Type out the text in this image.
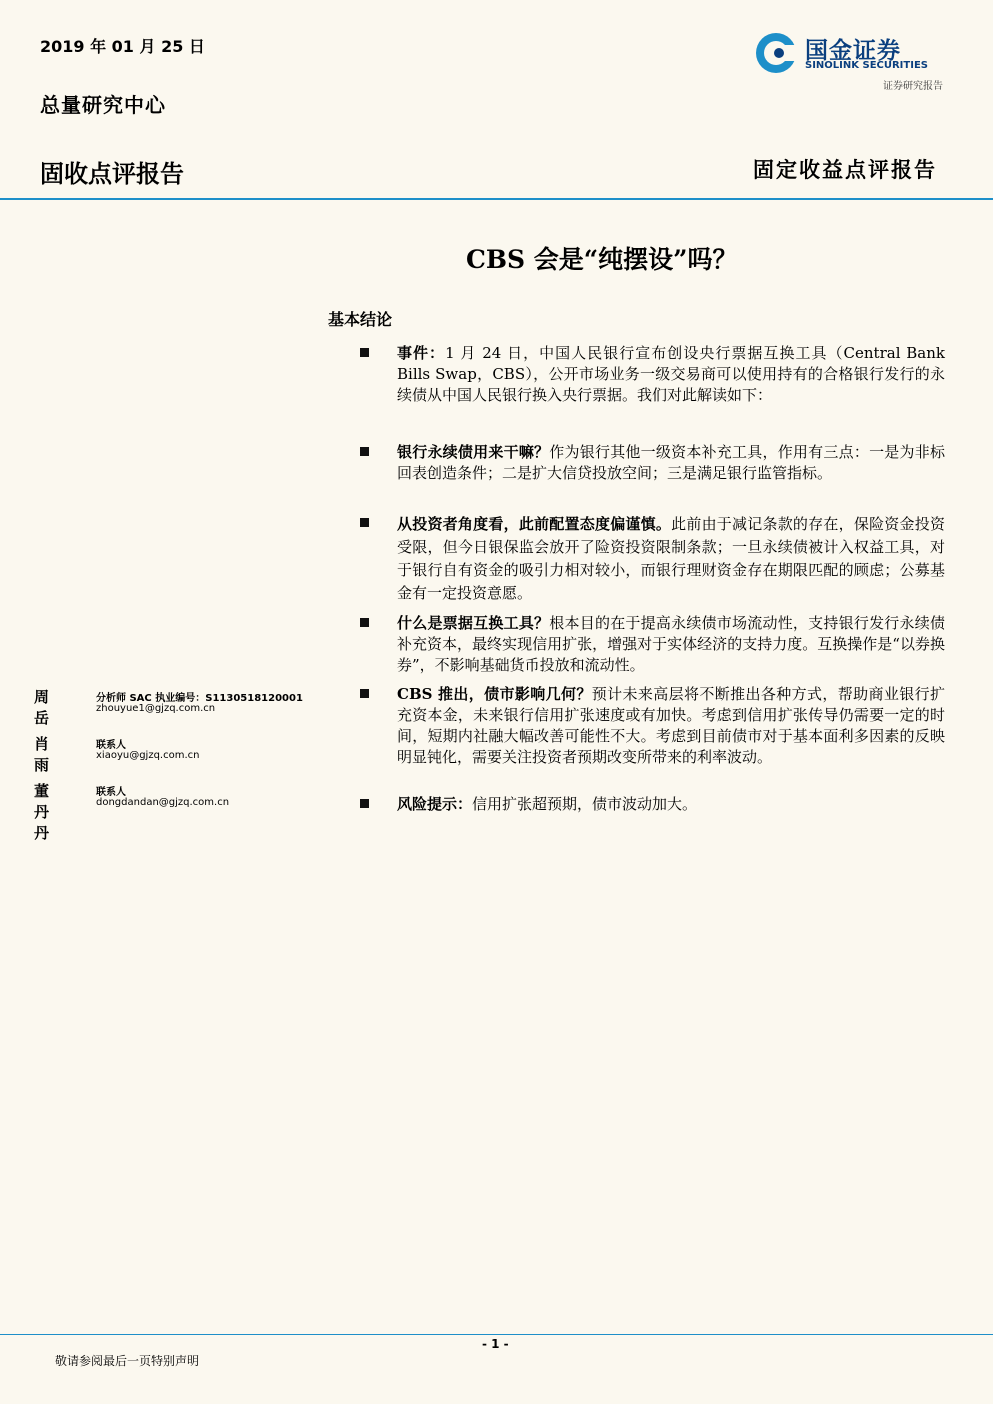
2019 年 01 月 25 日
总量研究中心
固收点评报告	固定收益点评报告
国金证券
SINOLINK SECURITIES
证券研究报告
CBS 会是“纯摆设”吗？
基本结论
事件：1 月 24 日，中国人民银行宣布创设央行票据互换工具（Central Bank Bills Swap，CBS），公开市场业务一级交易商可以使用持有的合格银行发行的永续债从中国人民银行换入央行票据。我们对此解读如下：
银行永续债用来干嘛？作为银行其他一级资本补充工具，作用有三点：一是为非标回表创造条件；二是扩大信贷投放空间；三是满足银行监管指标。
从投资者角度看，此前配置态度偏谨慎。此前由于减记条款的存在，保险资金投资受限，但今日银保监会放开了险资投资限制条款；一旦永续债被计入权益工具，对于银行自有资金的吸引力相对较小，而银行理财资金存在期限匹配的顾虑；公募基金有一定投资意愿。
什么是票据互换工具？根本目的在于提高永续债市场流动性，支持银行发行永续债补充资本，最终实现信用扩张，增强对于实体经济的支持力度。互换操作是“以券换券”，不影响基础货币投放和流动性。
CBS 推出，债市影响几何？预计未来高层将不断推出各种方式，帮助商业银行扩充资本金，未来银行信用扩张速度或有加快。考虑到信用扩张传导仍需要一定的时间，短期内社融大幅改善可能性不大。考虑到目前债市对于基本面利多因素的反映明显钝化，需要关注投资者预期改变所带来的利率波动。
风险提示：信用扩张超预期，债市波动加大。
周岳
分析师 SAC 执业编号：S1130518120001
zhouyue1@gjzq.com.cn
肖雨
联系人
xiaoyu@gjzq.com.cn
董丹丹
联系人
dongdandan@gjzq.com.cn
- 1 -
敬请参阅最后一页特别声明
